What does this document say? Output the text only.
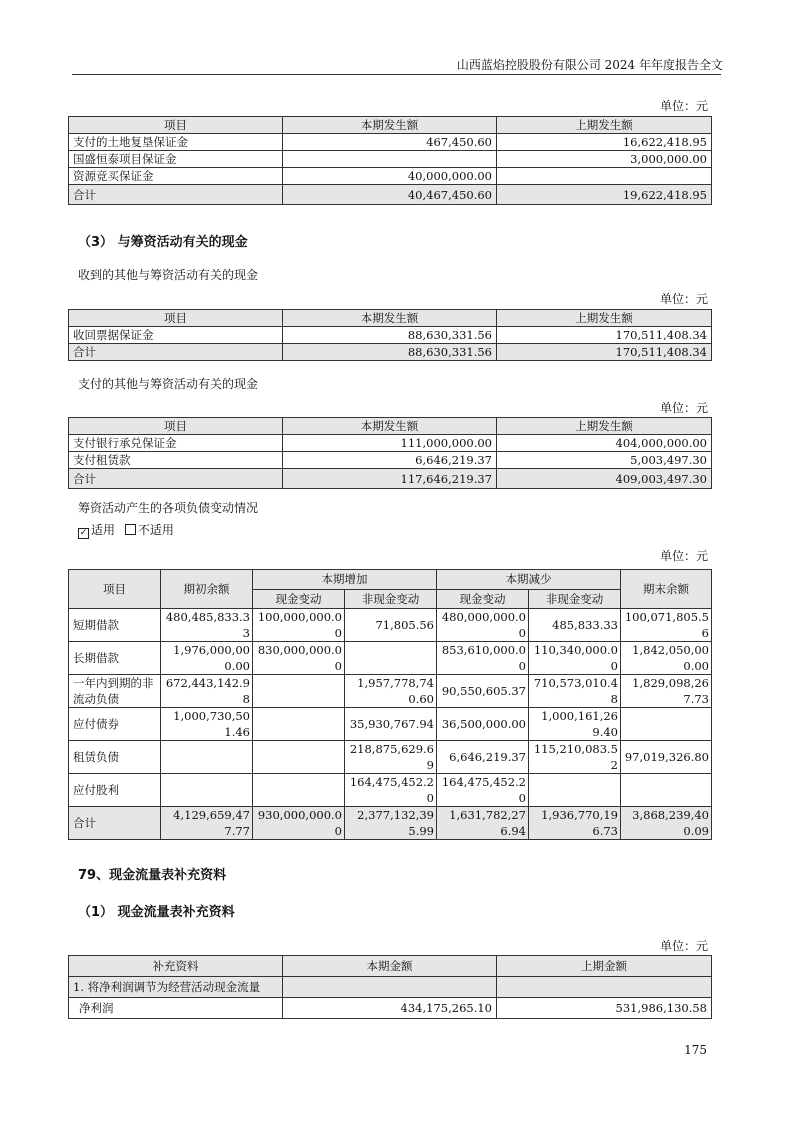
山西蓝焰控股股份有限公司 2024 年年度报告全文
单位：元
项目	本期发生额	上期发生额
支付的土地复垦保证金	467,450.60	16,622,418.95
国盛恒泰项目保证金		3,000,000.00
资源竞买保证金	40,000,000.00	
合计	40,467,450.60	19,622,418.95
（3） 与筹资活动有关的现金
收到的其他与筹资活动有关的现金
单位：元
项目	本期发生额	上期发生额
收回票据保证金	88,630,331.56	170,511,408.34
合计	88,630,331.56	170,511,408.34
支付的其他与筹资活动有关的现金
单位：元
项目	本期发生额	上期发生额
支付银行承兑保证金	111,000,000.00	404,000,000.00
支付租赁款	6,646,219.37	5,003,497.30
合计	117,646,219.37	409,003,497.30
筹资活动产生的各项负债变动情况
✓ 适用 不适用
单位：元
项目	期初余额	本期增加		本期减少		期末余额
		现金变动	非现金变动	现金变动	非现金变动	
短期借款	480,485,833.33	100,000,000.00	71,805.56	480,000,000.00	485,833.33	100,071,805.56
长期借款	1,976,000,000.00	830,000,000.00		853,610,000.00	110,340,000.00	1,842,050,000.00
一年内到期的非流动负债	672,443,142.98		1,957,778,740.60	90,550,605.37	710,573,010.48	1,829,098,267.73
应付债券	1,000,730,501.46		35,930,767.94	36,500,000.00	1,000,161,269.40	
租赁负债			218,875,629.69	6,646,219.37	115,210,083.52	97,019,326.80
应付股利			164,475,452.20	164,475,452.20		
合计	4,129,659,477.77	930,000,000.00	2,377,132,395.99	1,631,782,276.94	1,936,770,196.73	3,868,239,400.09
79、现金流量表补充资料
（1） 现金流量表补充资料
单位：元
补充资料	本期金额	上期金额
1. 将净利润调节为经营活动现金流量		
净利润	434,175,265.10	531,986,130.58
175
